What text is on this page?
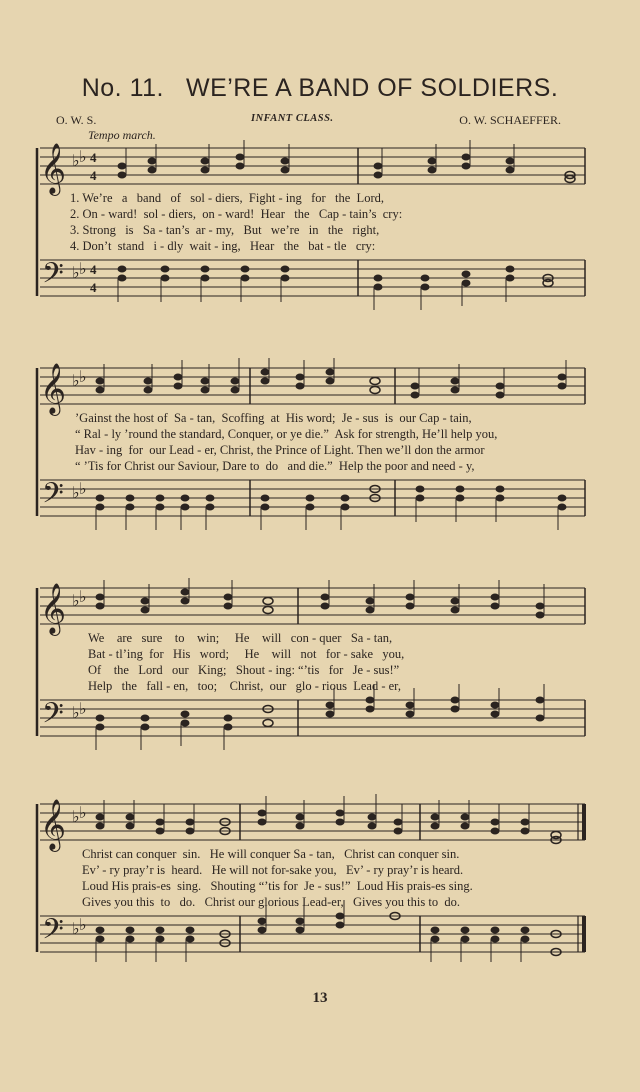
No. 11. WE’RE A BAND OF SOLDIERS.
O. W. S.	INFANT CLASS.	O. W. SCHAEFFER.
Tempo march.
𝄞
𝄢
♭ ♭
♭ ♭
4
4
4
4
1. We’re   a   band   of   sol - diers,  Fight - ing   for   the  Lord,
2. On - ward!  sol - diers,  on - ward!  Hear   the   Cap - tain’s  cry:
3. Strong   is   Sa - tan’s  ar - my,   But   we’re   in   the   right,
4. Don’t  stand   i - dly  wait - ing,   Hear   the   bat - tle   cry:
𝄞
𝄢
♭ ♭
♭ ♭
’Gainst the host of  Sa - tan,  Scoffing  at  His word;  Je - sus  is  our Cap - tain,
“ Ral - ly ’round the standard, Conquer, or ye die.”  Ask for strength, He’ll help you,
Hav - ing  for  our Lead - er, Christ, the Prince of Light. Then we’ll don the armor
“ ’Tis for Christ our Saviour, Dare to  do   and die.”  Help the poor and need - y,
𝄞
𝄢
♭ ♭
♭ ♭
We    are   sure    to    win;     He    will   con - quer   Sa - tan,
Bat - tl’ing  for   His   word;     He    will   not   for - sake   you,
Of    the   Lord   our   King;   Shout - ing: “’tis   for   Je - sus!”
Help   the   fall - en,   too;    Christ,  our   glo - rious  Lead - er,
𝄞
𝄢
♭ ♭
♭ ♭
Christ can conquer  sin.   He will conquer Sa - tan,   Christ can conquer sin.
Ev’ - ry pray’r is  heard.   He will not for-sake you,   Ev’ - ry pray’r is heard.
Loud His prais-es  sing.   Shouting “’tis for  Je - sus!”  Loud His prais-es sing.
Gives you this  to   do.   Christ our glorious Lead-er,   Gives you this to  do.
13
